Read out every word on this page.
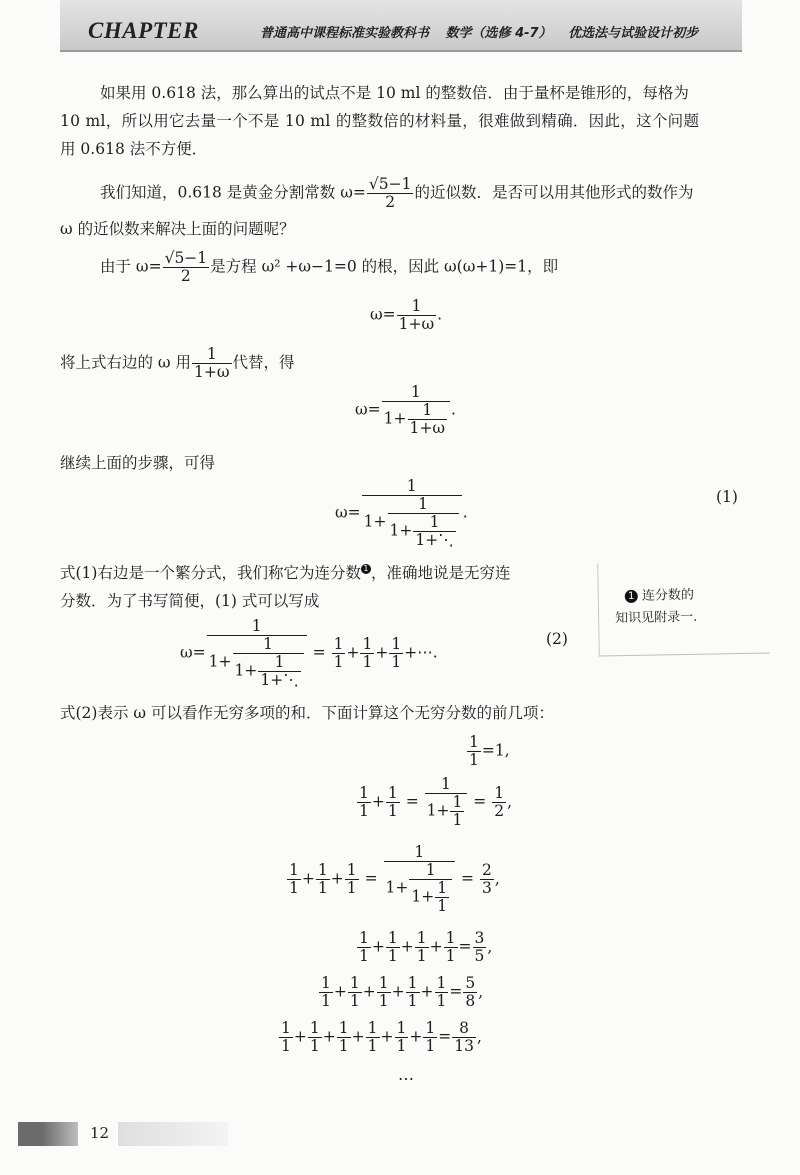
CHAPTER	普通高中课程标准实验教科书 数学（选修 4-7） 优选法与试验设计初步
如果用 0.618 法，那么算出的试点不是 10 ml 的整数倍．由于量杯是锥形的，每格为
10 ml，所以用它去量一个不是 10 ml 的整数倍的材料量，很难做到精确．因此，这个问题
用 0.618 法不方便．
我们知道，0.618 是黄金分割常数 $\omega= \frac{√5-1}{2}$ 的近似数．是否可以用其他形式的数作为
ω 的近似数来解决上面的问题呢？
由于 $\omega= \frac{√5-1}{2}$ 是方程 ω² +ω−1=0 的根，因此 ω(ω+1)=1，即
$\omega= \frac{1}{1+\omega}$ .
将上式右边的 ω 用 $\frac{1}{1+\omega}$ 代替，得
$\omega= \frac{1}{1+ \frac{1}{1+\omega}}$ .
继续上面的步骤，可得
$\omega= \frac{1}{1+ \frac{1}{1+ \frac{1}{1+⋱}}}$ .
(1)
式(1)右边是一个繁分式，我们称它为连分数 1 ，准确地说是无穷连
分数．为了书写简便，(1) 式可以写成	1 连分数的
知识见附录一．
$\omega= \frac{1}{1+ \frac{1}{1+ \frac{1}{1+⋱}}} = \frac{1}{1} + \frac{1}{1} + \frac{1}{1}$ +⋯.
(2)
式(2)表示 ω 可以看作无穷多项的和．下面计算这个无穷分数的前几项：
$\frac{1}{1} =1$,
$\frac{1}{1} + \frac{1}{1} = \frac{1}{1+ \frac{1}{1}} = \frac{1}{2}$ ,
$\frac{1}{1} + \frac{1}{1} + \frac{1}{1} = \frac{1}{1+ \frac{1}{1+ \frac{1}{1}}} = \frac{2}{3}$ ,
$\frac{1}{1} + \frac{1}{1} + \frac{1}{1} + \frac{1}{1} = \frac{3}{5}$ ,
$\frac{1}{1} + \frac{1}{1} + \frac{1}{1} + \frac{1}{1} + \frac{1}{1} = \frac{5}{8}$ ,
$\frac{1}{1} + \frac{1}{1} + \frac{1}{1} + \frac{1}{1} + \frac{1}{1} + \frac{1}{1} = \frac{8}{13}$ ,
…
12
